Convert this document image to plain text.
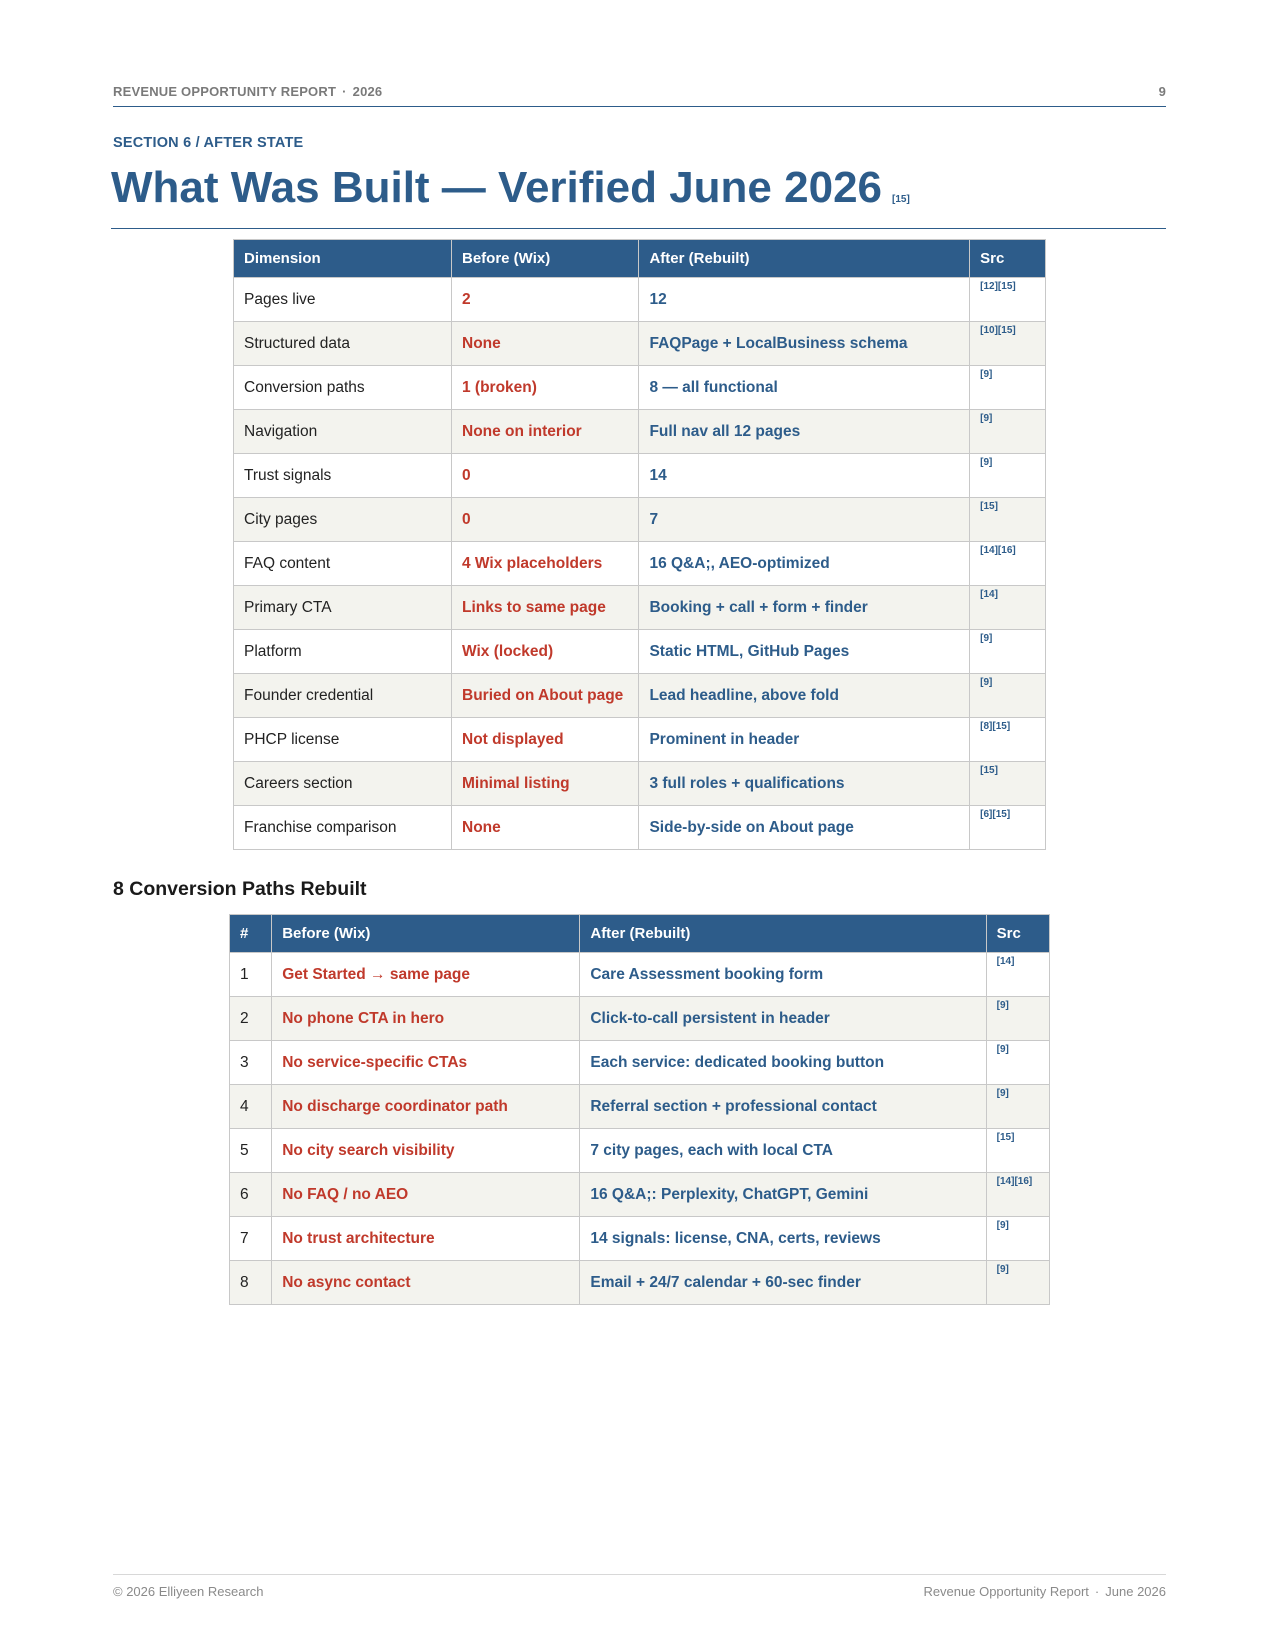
REVENUE OPPORTUNITY REPORT · 2026	9
SECTION 6 / AFTER STATE
What Was Built — Verified June 2026 [15]
Dimension	Before (Wix)	After (Rebuilt)	Src
Pages live	2	12	[12][15]
Structured data	None	FAQPage + LocalBusiness schema	[10][15]
Conversion paths	1 (broken)	8 — all functional	[9]
Navigation	None on interior	Full nav all 12 pages	[9]
Trust signals	0	14	[9]
City pages	0	7	[15]
FAQ content	4 Wix placeholders	16 Q&A;, AEO-optimized	[14][16]
Primary CTA	Links to same page	Booking + call + form + finder	[14]
Platform	Wix (locked)	Static HTML, GitHub Pages	[9]
Founder credential	Buried on About page	Lead headline, above fold	[9]
PHCP license	Not displayed	Prominent in header	[8][15]
Careers section	Minimal listing	3 full roles + qualifications	[15]
Franchise comparison	None	Side-by-side on About page	[6][15]
8 Conversion Paths Rebuilt
#	Before (Wix)	After (Rebuilt)	Src
1	Get Started → same page	Care Assessment booking form	[14]
2	No phone CTA in hero	Click-to-call persistent in header	[9]
3	No service-specific CTAs	Each service: dedicated booking button	[9]
4	No discharge coordinator path	Referral section + professional contact	[9]
5	No city search visibility	7 city pages, each with local CTA	[15]
6	No FAQ / no AEO	16 Q&A;: Perplexity, ChatGPT, Gemini	[14][16]
7	No trust architecture	14 signals: license, CNA, certs, reviews	[9]
8	No async contact	Email + 24/7 calendar + 60-sec finder	[9]
© 2026 Elliyeen Research	Revenue Opportunity Report · June 2026
